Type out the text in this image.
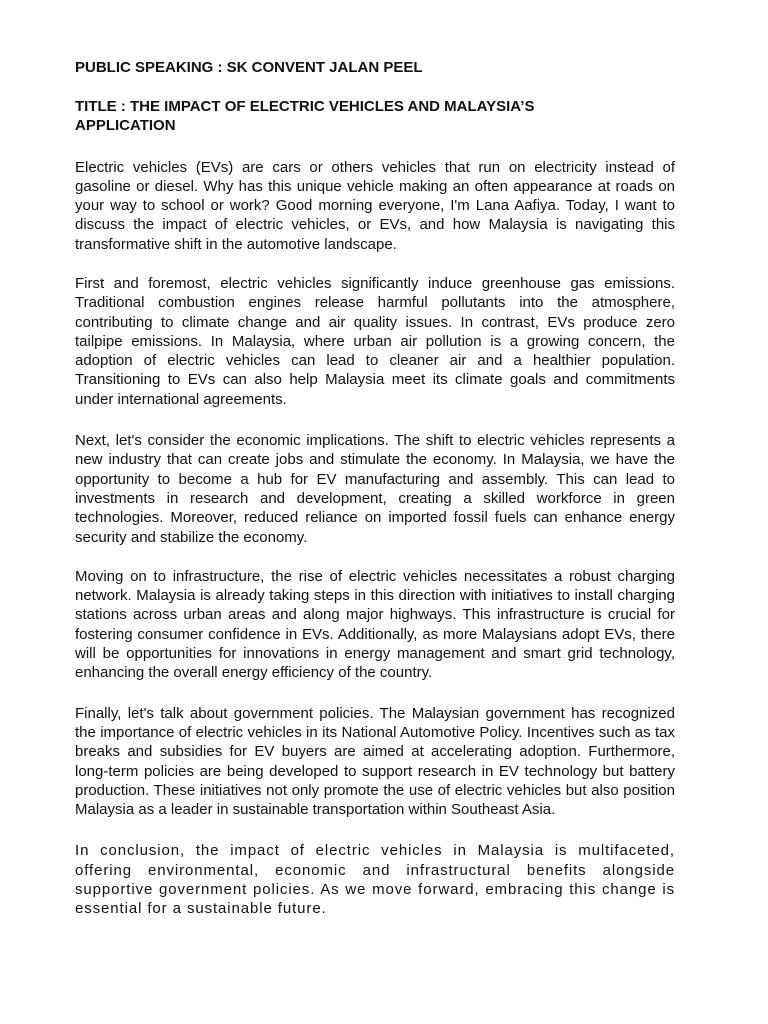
PUBLIC SPEAKING : SK CONVENT JALAN PEEL

TITLE : THE IMPACT OF ELECTRIC VEHICLES AND MALAYSIA’S
APPLICATION

Electric vehicles (EVs) are cars or others vehicles that run on electricity instead of gasoline or diesel. Why has this unique vehicle making an often appearance at roads on your way to school or work? Good morning everyone, I'm Lana Aafiya. Today, I want to discuss the impact of electric vehicles, or EVs, and how Malaysia is navigating this transformative shift in the automotive landscape.

First and foremost, electric vehicles significantly induce greenhouse gas emissions. Traditional combustion engines release harmful pollutants into the atmosphere, contributing to climate change and air quality issues. In contrast, EVs produce zero tailpipe emissions. In Malaysia, where urban air pollution is a growing concern, the adoption of electric vehicles can lead to cleaner air and a healthier population. Transitioning to EVs can also help Malaysia meet its climate goals and commitments under international agreements.

Next, let's consider the economic implications. The shift to electric vehicles represents a new industry that can create jobs and stimulate the economy. In Malaysia, we have the opportunity to become a hub for EV manufacturing and assembly. This can lead to investments in research and development, creating a skilled workforce in green technologies. Moreover, reduced reliance on imported fossil fuels can enhance energy security and stabilize the economy.

Moving on to infrastructure, the rise of electric vehicles necessitates a robust charging network. Malaysia is already taking steps in this direction with initiatives to install charging stations across urban areas and along major highways. This infrastructure is crucial for fostering consumer confidence in EVs. Additionally, as more Malaysians adopt EVs, there will be opportunities for innovations in energy management and smart grid technology, enhancing the overall energy efficiency of the country.

Finally, let's talk about government policies. The Malaysian government has recognized the importance of electric vehicles in its National Automotive Policy. Incentives such as tax breaks and subsidies for EV buyers are aimed at accelerating adoption. Furthermore, long-term policies are being developed to support research in EV technology but battery production. These initiatives not only promote the use of electric vehicles but also position Malaysia as a leader in sustainable transportation within Southeast Asia.

In conclusion, the impact of electric vehicles in Malaysia is multifaceted, offering environmental, economic and infrastructural benefits alongside supportive government policies. As we move forward, embracing this change is essential for a sustainable future.
